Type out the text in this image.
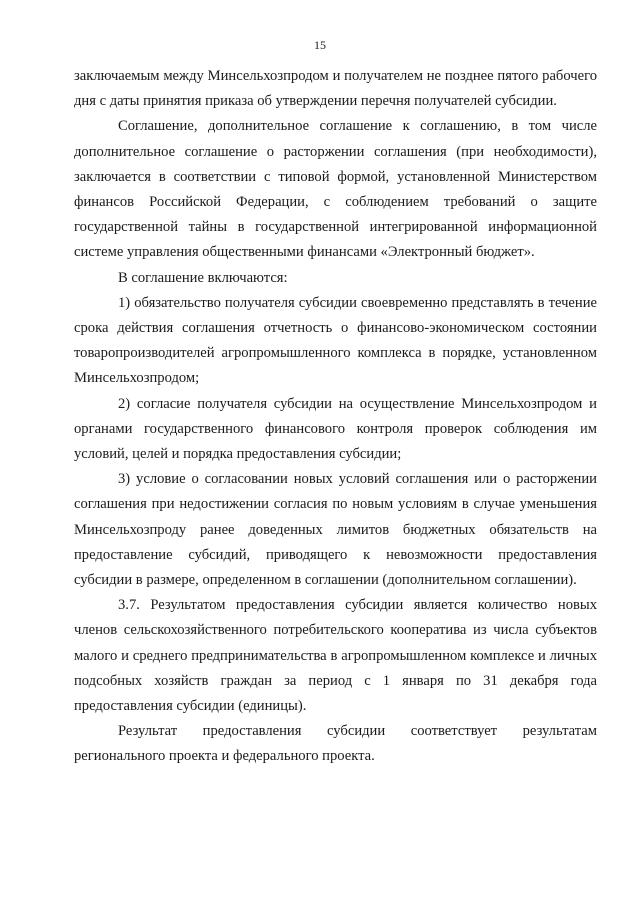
15

заключаемым между Минсельхозпродом и получателем не позднее пятого рабочего дня с даты принятия приказа об утверждении перечня получателей субсидии.

Соглашение, дополнительное соглашение к соглашению, в том числе дополнительное соглашение о расторжении соглашения (при необходимости), заключается в соответствии с типовой формой, установленной Министерством финансов Российской Федерации, с соблюдением требований о защите государственной тайны в государственной интегрированной информационной системе управления общественными финансами «Электронный бюджет».

В соглашение включаются:

1) обязательство получателя субсидии своевременно представлять в течение срока действия соглашения отчетность о финансово-экономическом состоянии товаропроизводителей агропромышленного комплекса в порядке, установленном Минсельхозпродом;

2) согласие получателя субсидии на осуществление Минсельхозпродом и органами государственного финансового контроля проверок соблюдения им условий, целей и порядка предоставления субсидии;

3) условие о согласовании новых условий соглашения или о расторжении соглашения при недостижении согласия по новым условиям в случае уменьшения Минсельхозпроду ранее доведенных лимитов бюджетных обязательств на предоставление субсидий, приводящего к невозможности предоставления субсидии в размере, определенном в соглашении (дополнительном соглашении).

3.7. Результатом предоставления субсидии является количество новых членов сельскохозяйственного потребительского кооператива из числа субъектов малого и среднего предпринимательства в агропромышленном комплексе и личных подсобных хозяйств граждан за период с 1 января по 31 декабря года предоставления субсидии (единицы).

Результат предоставления субсидии соответствует результатам регионального проекта и федерального проекта.
